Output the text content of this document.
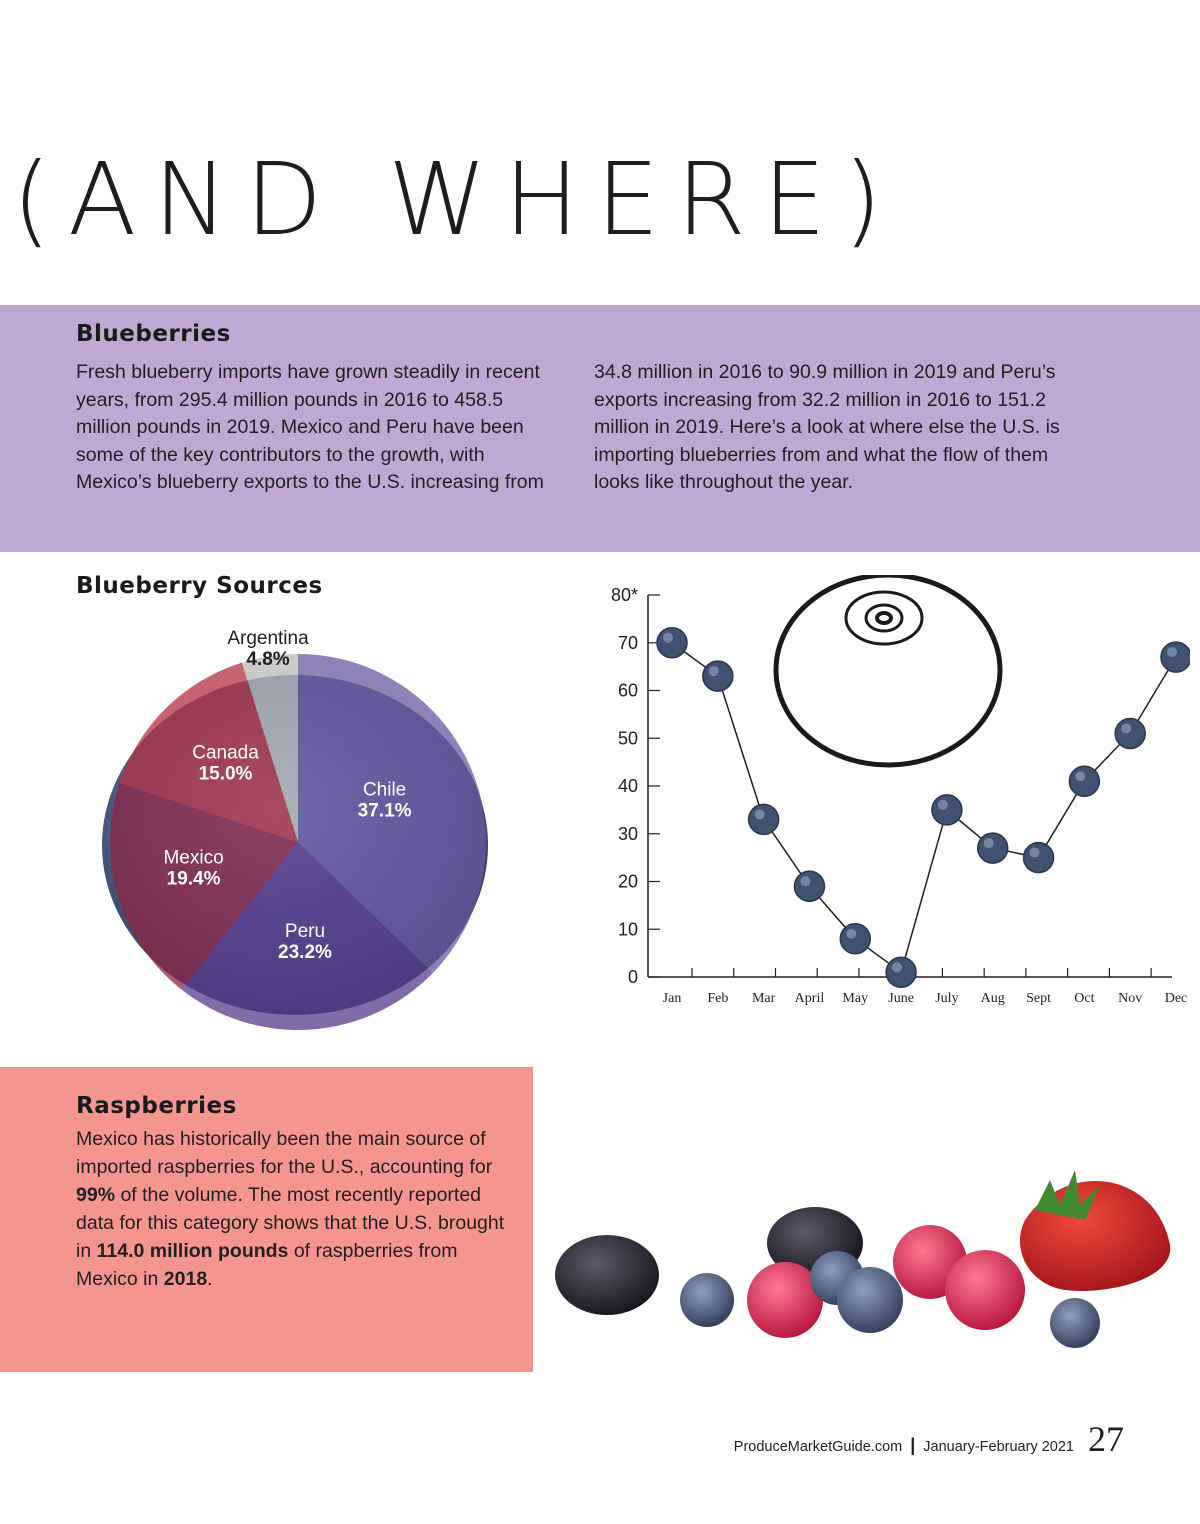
(AND WHERE)
Blueberries

Fresh blueberry imports have grown steadily in recent years, from 295.4 million pounds in 2016 to 458.5 million pounds in 2019. Mexico and Peru have been some of the key contributors to the growth, with Mexico’s blueberry exports to the U.S. increasing from

34.8 million in 2016 to 90.9 million in 2019 and Peru’s exports increasing from 32.2 million in 2016 to 151.2 million in 2019. Here’s a look at where else the U.S. is importing blueberries from and what the flow of them looks like throughout the year.

Blueberry Sources
Chile
37.1%
Peru
23.2%
Mexico
19.4%
Canada
15.0%
Argentina
4.8%
0
10
20
30
40
50
60
70
80*
Jan Feb Mar April May June July Aug Sept Oct Nov Dec
Raspberries

Mexico has historically been the main source of imported raspberries for the U.S., accounting for 99% of the volume. The most recently reported data for this category shows that the U.S. brought in 114.0 million pounds of raspberries from Mexico in 2018.

ProduceMarketGuide.com | January-February 2021 27
